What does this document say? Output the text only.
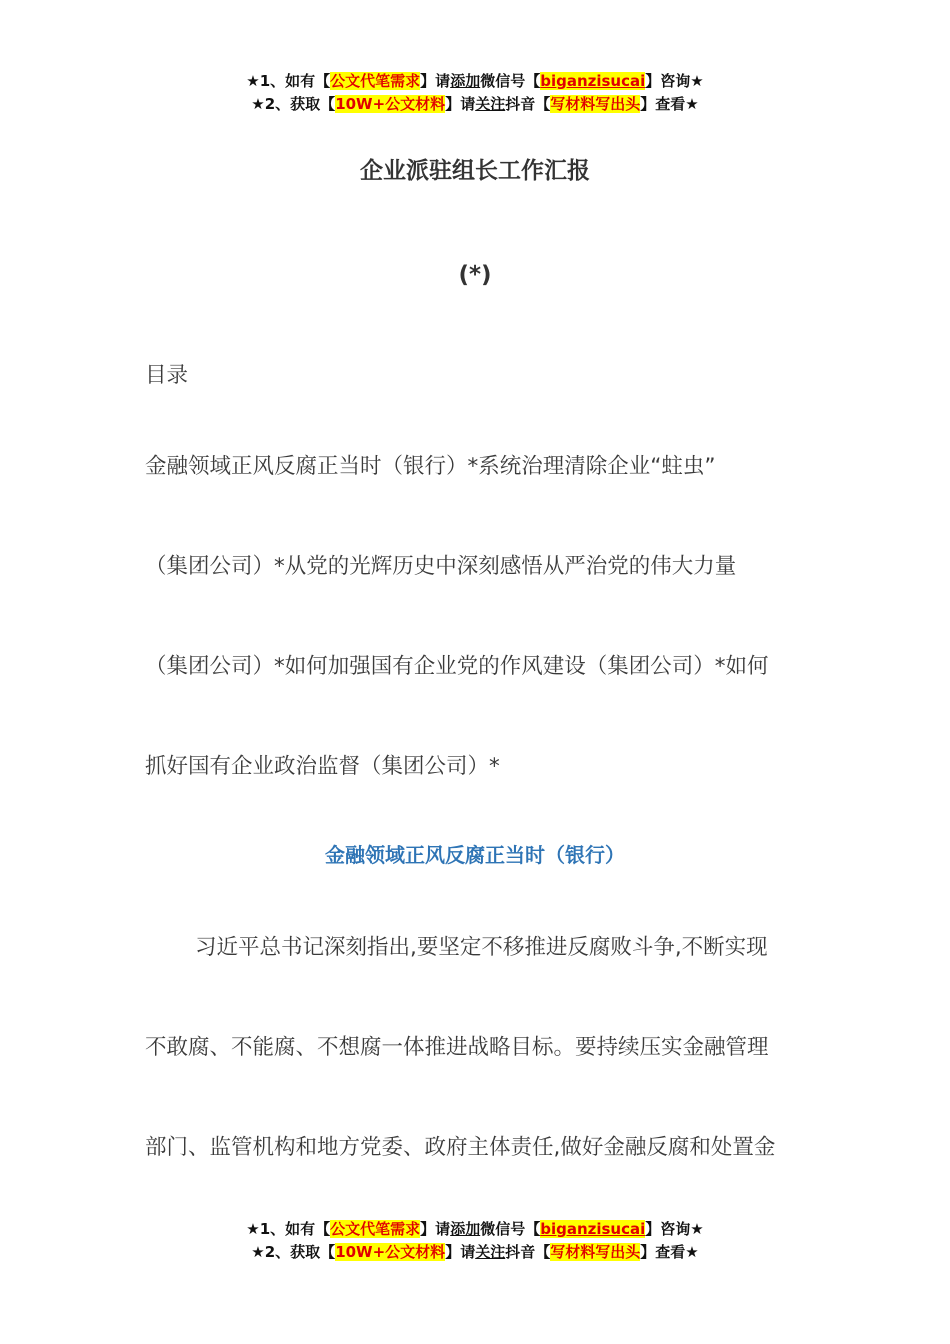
★1、如有【公文代笔需求】请添加微信号【biganzisucai】咨询★
★2、获取【10W+公文材料】请关注抖音【写材料写出头】查看★
企业派驻组长工作汇报
(*)
目录
金融领域正风反腐正当时（银行）*系统治理清除企业“蛀虫”
（集团公司）*从党的光辉历史中深刻感悟从严治党的伟大力量
（集团公司）*如何加强国有企业党的作风建设（集团公司）*如何
抓好国有企业政治监督（集团公司）*
金融领域正风反腐正当时（银行）
习近平总书记深刻指出,要坚定不移推进反腐败斗争,不断实现
不敢腐、不能腐、不想腐一体推进战略目标。要持续压实金融管理
部门、监管机构和地方党委、政府主体责任,做好金融反腐和处置金
★1、如有【公文代笔需求】请添加微信号【biganzisucai】咨询★
★2、获取【10W+公文材料】请关注抖音【写材料写出头】查看★
